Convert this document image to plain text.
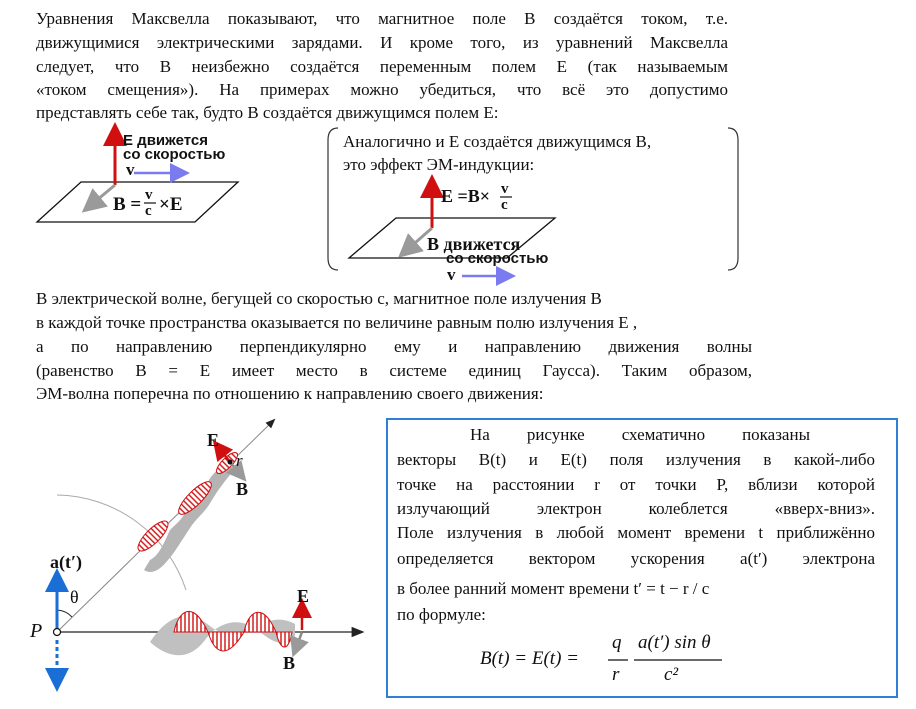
Уравнения Максвелла показывают, что магнитное поле B создаётся током, т.е.
движущимися электрическими зарядами. И кроме того, из уравнений Максвелла
следует, что B неизбежно создаётся переменным полем E (так называемым
«током смещения»). На примерах можно убедиться, что всё это допустимо
представлять себе так, будто B создаётся движущимся полем E:
E движется
со скоростью
v
B = v
c ×E
Аналогично и E создаётся движущимся B,
это эффект ЭМ-индукции:
E =B× v
c
B движется
со скоростью
v
В электрической волне, бегущей со скоростью c, магнитное поле излучения B
в каждой точке пространства оказывается по величине равным полю излучения E ,
а по направлению перпендикулярно ему и направлению движения волны
(равенство B = E имеет место в системе единиц Гаусса). Таким образом,
ЭМ-волна поперечна по отношению к направлению своего движения:
E
r
B
a(t′)
θ
P
E
B
На рисунке схематично показаны
векторы B(t) и E(t) поля излучения в какой-либо
точке на расстоянии r от точки P, вблизи которой
излучающий электрон колеблется «вверх-вниз».
Поле излучения в любой момент времени t приближённо
определяется вектором ускорения a(t′) электрона
в более ранний момент времени t′ = t − r / c
по формуле:
B(t) = E(t) =
q
r
a(t′) sin θ
c²
